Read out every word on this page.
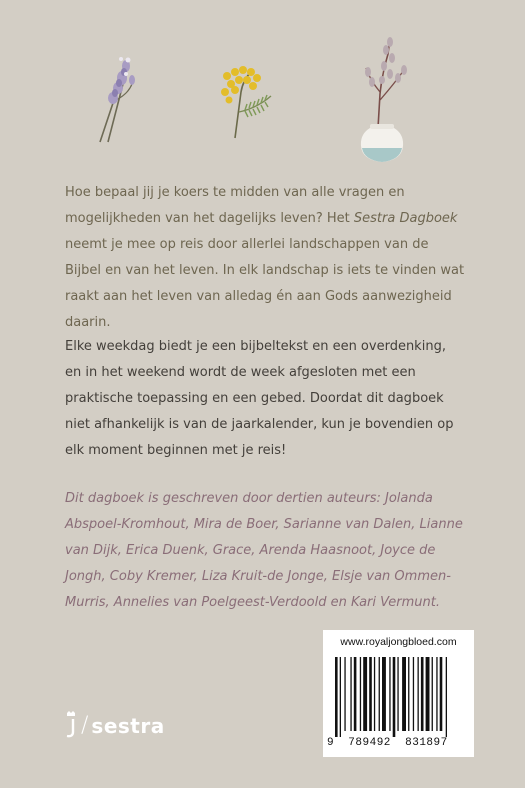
Hoe bepaal jij je koers te midden van alle vragen en mogelijkheden van het dagelijks leven? Het Sestra Dagboek neemt je mee op reis door allerlei landschappen van de Bijbel en van het leven. In elk landschap is iets te vinden wat raakt aan het leven van alledag én aan Gods aanwezigheid daarin.

Elke weekdag biedt je een bijbeltekst en een overdenking, en in het weekend wordt de week afgesloten met een praktische toepassing en een gebed. Doordat dit dagboek niet afhankelijk is van de jaarkalender, kun je bovendien op elk moment beginnen met je reis!

Dit dagboek is geschreven door dertien auteurs: Jolanda Abspoel-Kromhout, Mira de Boer, Sarianne van Dalen, Lianne van Dijk, Erica Duenk, Grace, Arenda Haasnoot, Joyce de Jongh, Coby Kremer, Liza Kruit-de Jonge, Elsje van Ommen-Murris, Annelies van Poelgeest-Verdoold en Kari Vermunt.

/ sestra
www.royaljongbloed.com
9  789492  831897
